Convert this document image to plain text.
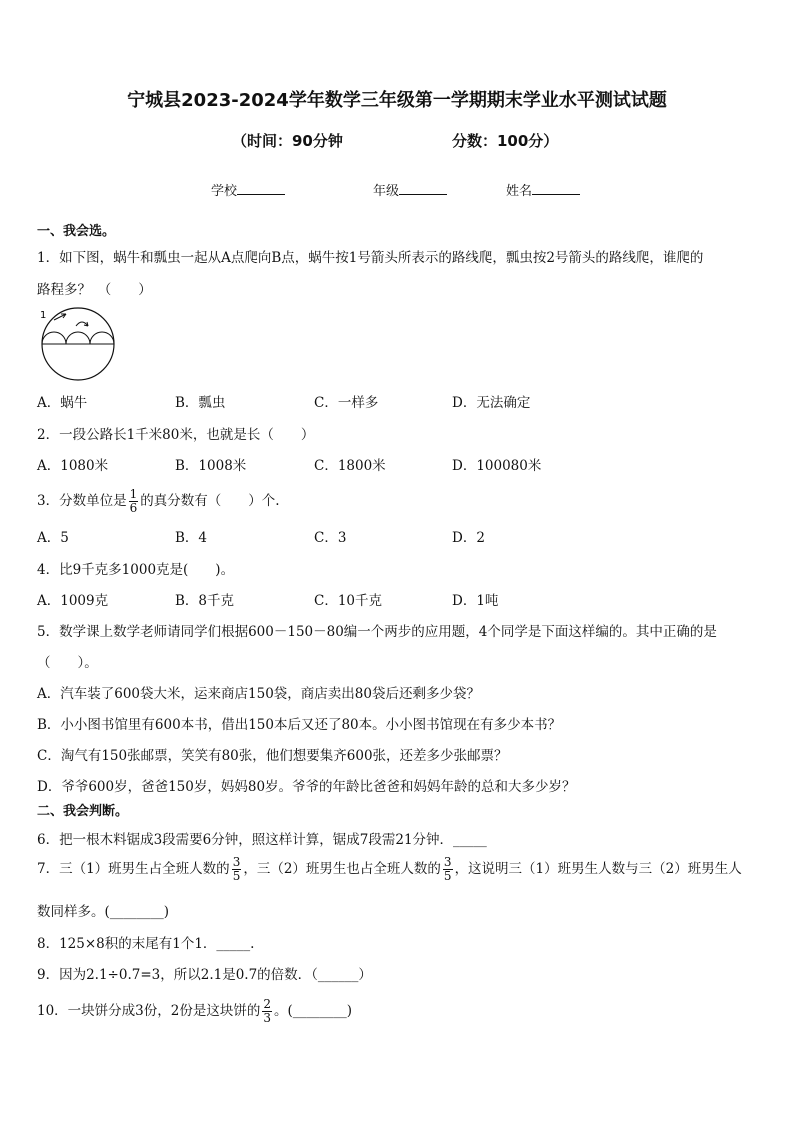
宁城县2023-2024学年数学三年级第一学期期末学业水平测试试题
（时间：90分钟	分数：100分）
学校	年级	姓名
一、我会选。
1．如下图，蜗牛和瓢虫一起从A点爬向B点，蜗牛按1号箭头所表示的路线爬，瓢虫按2号箭头的路线爬，谁爬的
路程多？　（　　）
1
A．蜗牛	B．瓢虫	C．一样多	D．无法确定
2．一段公路长1千米80米，也就是长（　　）
A．1080米	B．1008米	C．1800米	D．100080米
3．分数单位是 $\frac{1}{6}$ 的真分数有（　　）个.
A．5	B．4	C．3	D．2
4．比9千克多1000克是(　　)。
A．1009克	B．8千克	C．10千克	D．1吨
5．数学课上数学老师请同学们根据600－150－80编一个两步的应用题，4个同学是下面这样编的。其中正确的是
（　　）。
A．汽车装了600袋大米，运来商店150袋，商店卖出80袋后还剩多少袋？
B．小小图书馆里有600本书，借出150本后又还了80本。小小图书馆现在有多少本书？
C．淘气有150张邮票，笑笑有80张，他们想要集齐600张，还差多少张邮票？
D．爷爷600岁，爸爸150岁，妈妈80岁。爷爷的年龄比爸爸和妈妈年龄的总和大多少岁？
二、我会判断。
6．把一根木料锯成3段需要6分钟，照这样计算，锯成7段需21分钟．_____
7．三（1）班男生占全班人数的 $\frac{3}{5}$ ，三（2）班男生也占全班人数的 $\frac{3}{5}$ ，这说明三（1）班男生人数与三（2）班男生人
数同样多。(________)
8．125×8积的末尾有1个1．_____.
9．因为2.1÷0.7=3，所以2.1是0.7的倍数．（______）
10．一块饼分成3份，2份是这块饼的 $\frac{2}{3}$ 。(________)
